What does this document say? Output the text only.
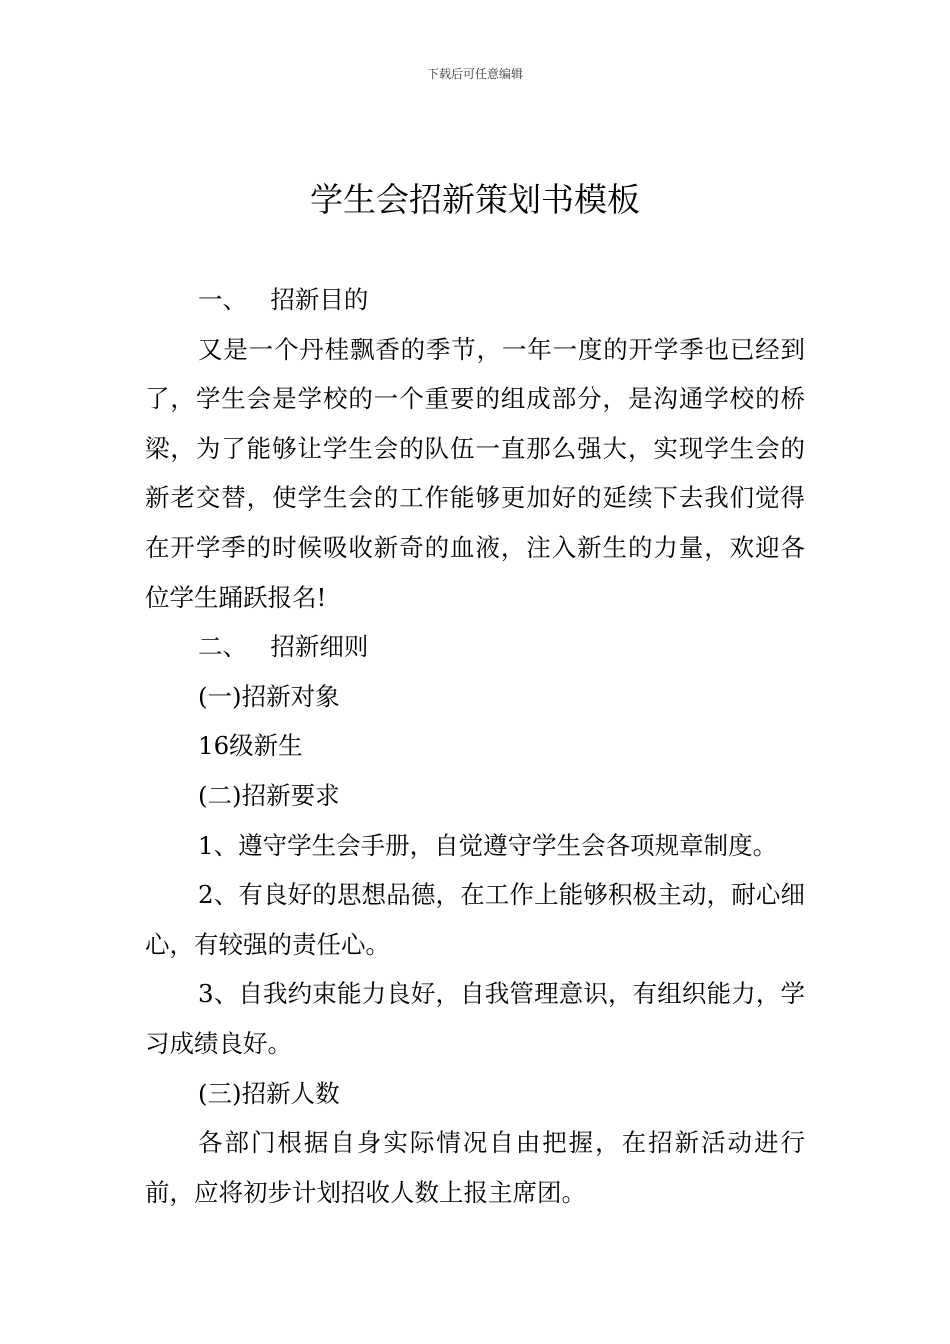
下载后可任意编辑
学生会招新策划书模板

一、 招新目的

又是一个丹桂飘香的季节，一年一度的开学季也已经到了，学生会是学校的一个重要的组成部分，是沟通学校的桥梁，为了能够让学生会的队伍一直那么强大，实现学生会的新老交替，使学生会的工作能够更加好的延续下去我们觉得在开学季的时候吸收新奇的血液，注入新生的力量，欢迎各位学生踊跃报名!

二、 招新细则

(一)招新对象

16级新生

(二)招新要求

1、遵守学生会手册，自觉遵守学生会各项规章制度。

2、有良好的思想品德，在工作上能够积极主动，耐心细心，有较强的责任心。

3、自我约束能力良好，自我管理意识，有组织能力，学习成绩良好。

(三)招新人数

各部门根据自身实际情况自由把握，在招新活动进行前，应将初步计划招收人数上报主席团。
